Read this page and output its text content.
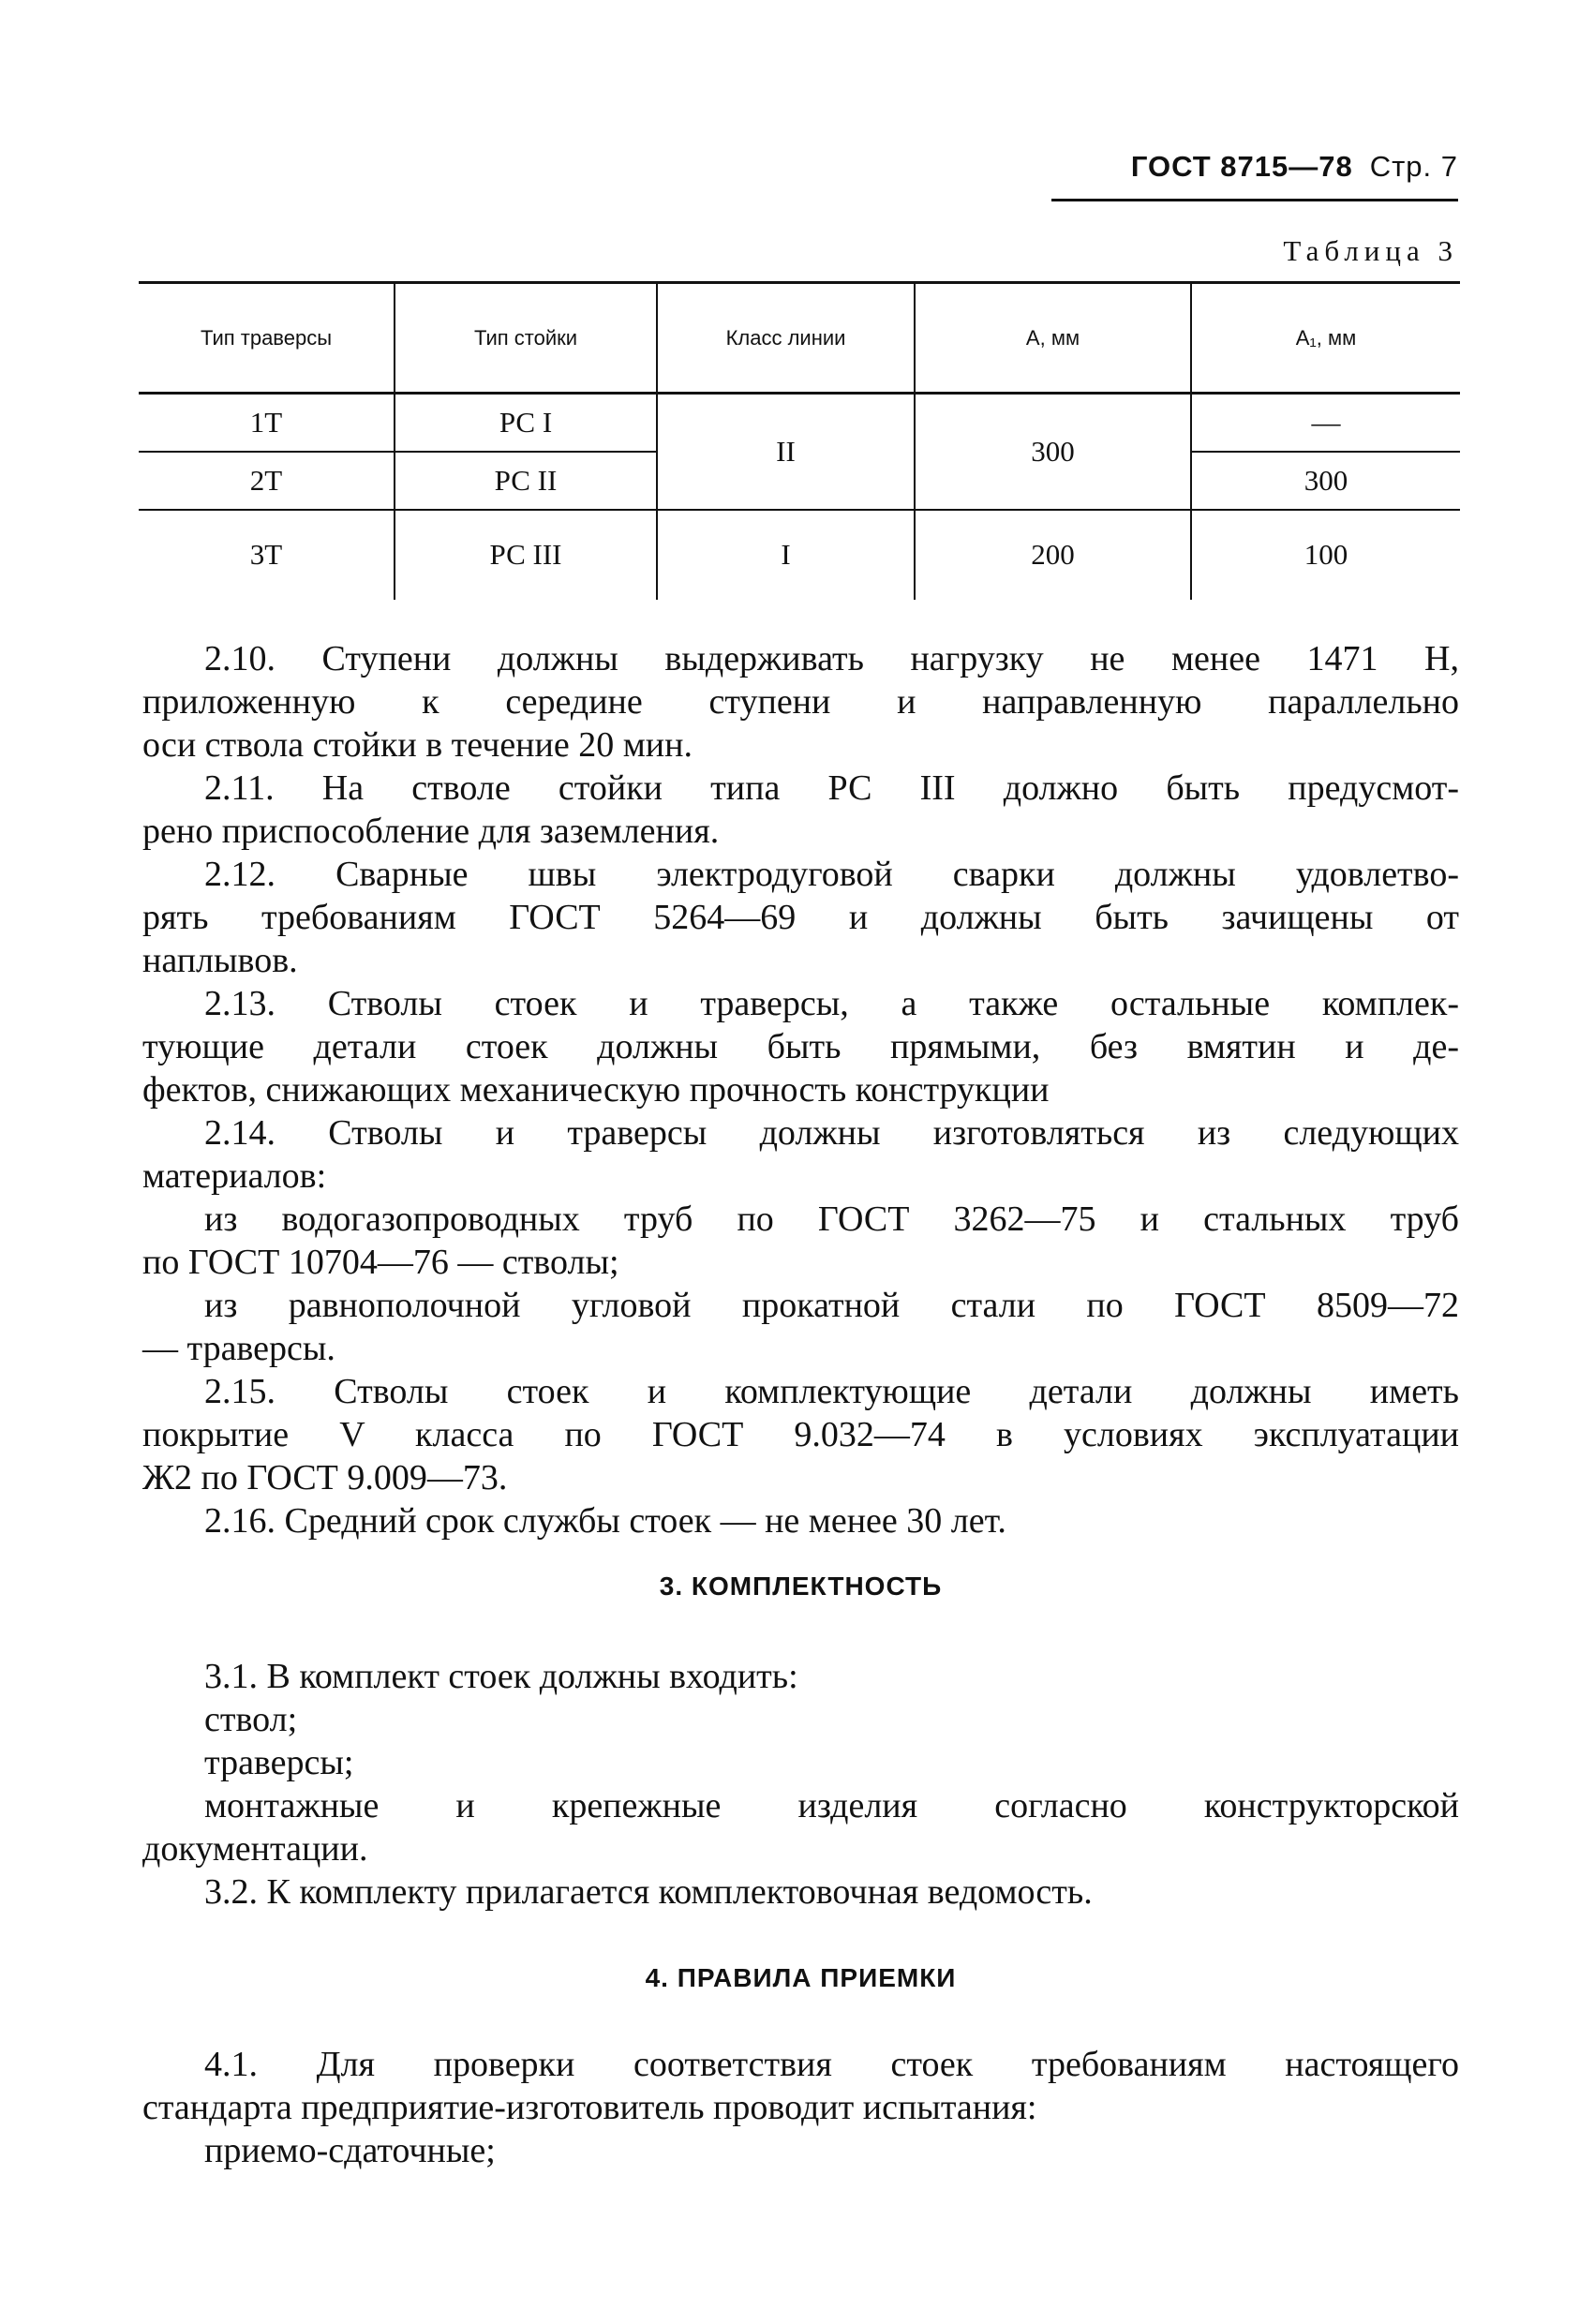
ГОСТ 8715—78 Стр. 7
Таблица 3
Тип траверсы	Тип стойки	Класс линии	А, мм	А₁, мм
1Т	РС I	II	300	—
2Т	РС II			300
3Т	РС III	I	200	100

2.10. Ступени должны выдерживать нагрузку не менее 1471 Н,

приложенную к середине ступени и направленную параллельно

оси ствола стойки в течение 20 мин.

2.11. На стволе стойки типа РС III должно быть предусмот-

рено приспособление для заземления.

2.12. Сварные швы электродуговой сварки должны удовлетво-

рять требованиям ГОСТ 5264—69 и должны быть зачищены от

наплывов.

2.13. Стволы стоек и траверсы, а также остальные комплек-

тующие детали стоек должны быть прямыми, без вмятин и де-

фектов, снижающих механическую прочность конструкции

2.14. Стволы и траверсы должны изготовляться из следующих

материалов:

из водогазопроводных труб по ГОСТ 3262—75 и стальных труб

по ГОСТ 10704—76 — стволы;

из равнополочной угловой прокатной стали по ГОСТ 8509—72

— траверсы.

2.15. Стволы стоек и комплектующие детали должны иметь

покрытие V класса по ГОСТ 9.032—74 в условиях эксплуатации

Ж2 по ГОСТ 9.009—73.

2.16. Средний срок службы стоек — не менее 30 лет.

3. КОМПЛЕКТНОСТЬ

3.1. В комплект стоек должны входить:

ствол;

траверсы;

монтажные и крепежные изделия согласно конструкторской

документации.

3.2. К комплекту прилагается комплектовочная ведомость.

4. ПРАВИЛА ПРИЕМКИ

4.1. Для проверки соответствия стоек требованиям настоящего

стандарта предприятие-изготовитель проводит испытания:

приемо-сдаточные;
